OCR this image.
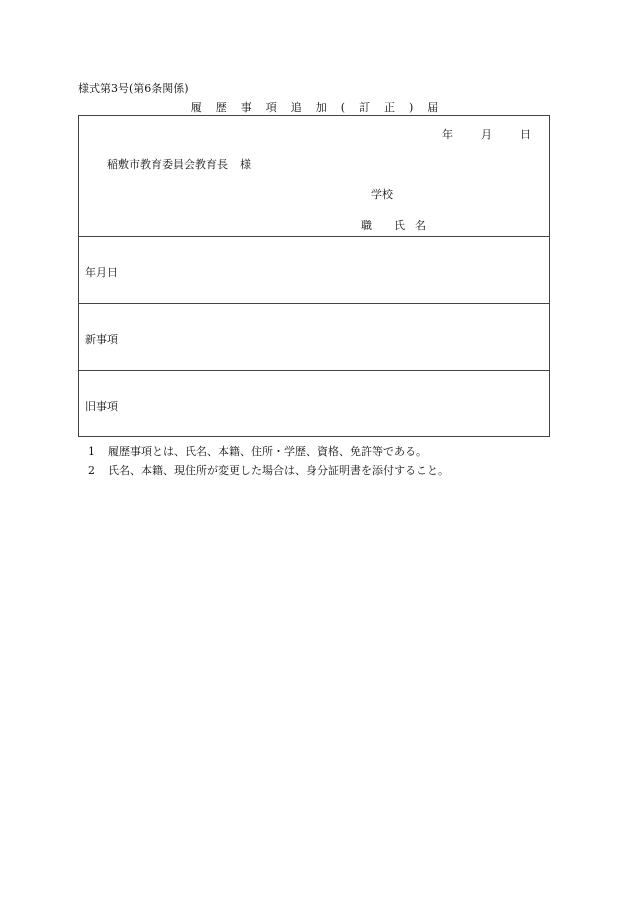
様式第3号(第6条関係)
履 歴 事 項 追 加 ( 訂 正 ) 届
年	月	日
稲敷市教育委員会教育長 様
学校
職 氏 名
年月日
新事項
旧事項
1 履歴事項とは、氏名、本籍、住所・学歴、資格、免許等である。
2 氏名、本籍、現住所が変更した場合は、身分証明書を添付すること。
